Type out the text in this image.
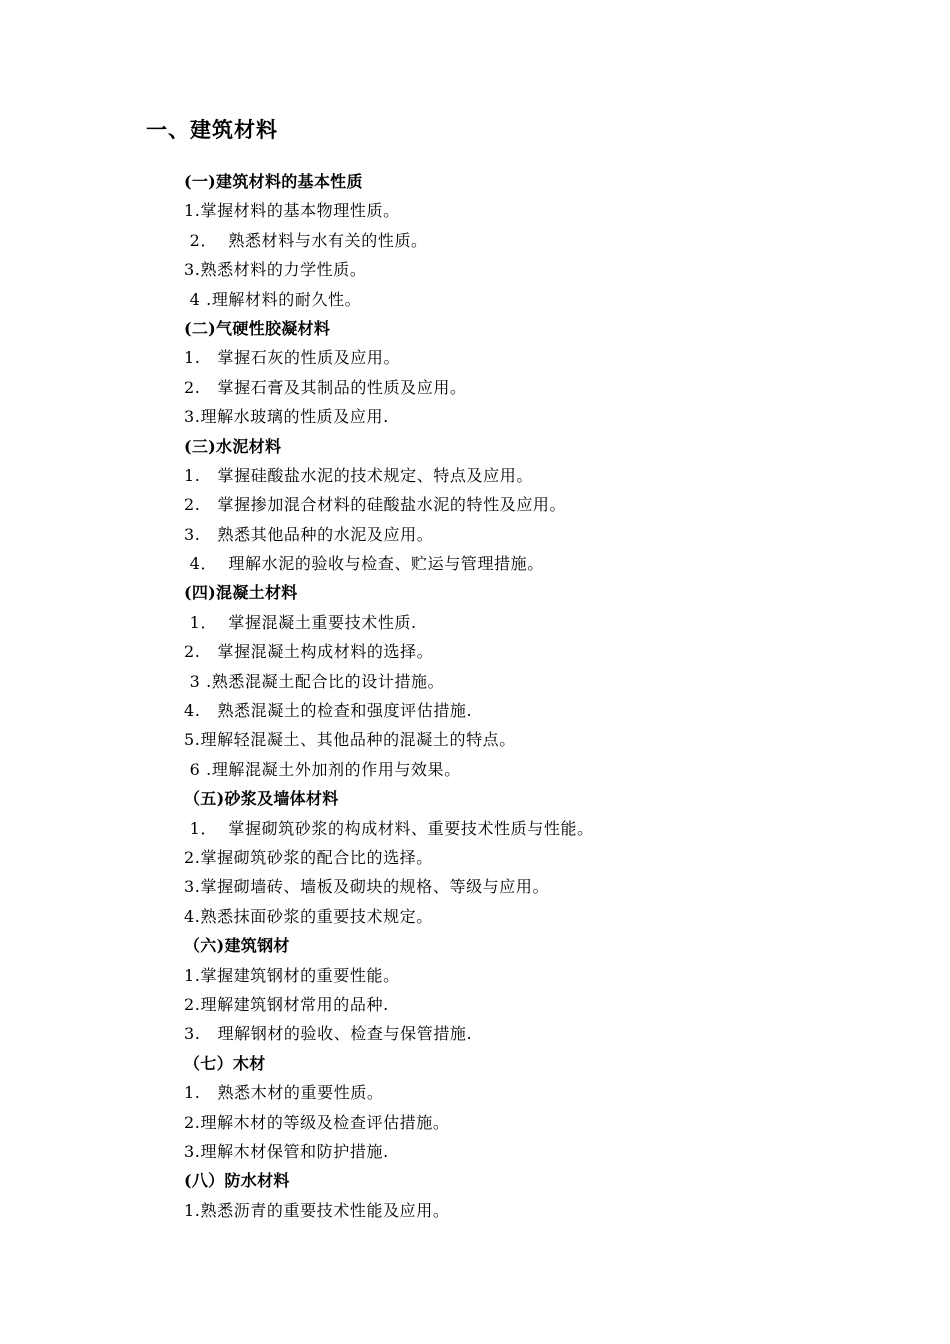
一、建筑材料
(一)建筑材料的基本性质
1.掌握材料的基本物理性质。
2．  熟悉材料与水有关的性质。
3.熟悉材料的力学性质。
4 .理解材料的耐久性。
(二)气硬性胶凝材料
1.   掌握石灰的性质及应用。
2.   掌握石膏及其制品的性质及应用。
3.理解水玻璃的性质及应用.
(三)水泥材料
1.   掌握硅酸盐水泥的技术规定、特点及应用。
2.   掌握掺加混合材料的硅酸盐水泥的特性及应用。
3.   熟悉其他品种的水泥及应用。
4．  理解水泥的验收与检查、贮运与管理措施。
(四)混凝土材料
1．  掌握混凝土重要技术性质.
2.   掌握混凝土构成材料的选择。
3 .熟悉混凝土配合比的设计措施。
4.   熟悉混凝土的检查和强度评估措施.
5.理解轻混凝土、其他品种的混凝土的特点。
6 .理解混凝土外加剂的作用与效果。
（五)砂浆及墙体材料
1．  掌握砌筑砂浆的构成材料、重要技术性质与性能。
2.掌握砌筑砂浆的配合比的选择。
3.掌握砌墙砖、墙板及砌块的规格、等级与应用。
4.熟悉抹面砂浆的重要技术规定。
（六)建筑钢材
1.掌握建筑钢材的重要性能。
2.理解建筑钢材常用的品种.
3.   理解钢材的验收、检查与保管措施.
（七）木材
1.   熟悉木材的重要性质。
2.理解木材的等级及检查评估措施。
3.理解木材保管和防护措施.
(八）防水材料
1.熟悉沥青的重要技术性能及应用。
